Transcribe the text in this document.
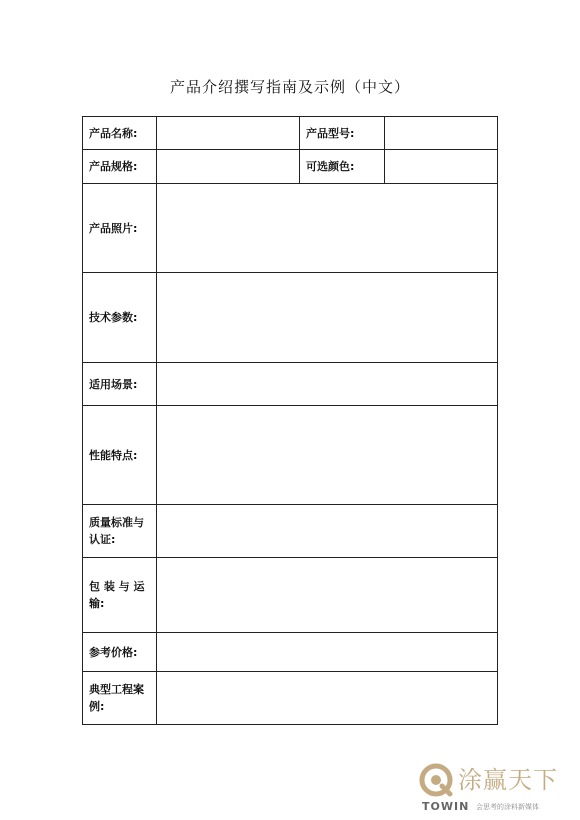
产品介绍撰写指南及示例（中文）
产品名称:		产品型号:	
产品规格:		可选颜色:	
产品照片:			
技术参数:			
适用场景:			
性能特点:			
质量标准与认证:			
包 装 与 运 输:			
参考价格:			
典型工程案例:			
涂赢天下
TOWIN 会思考的涂料新媒体
